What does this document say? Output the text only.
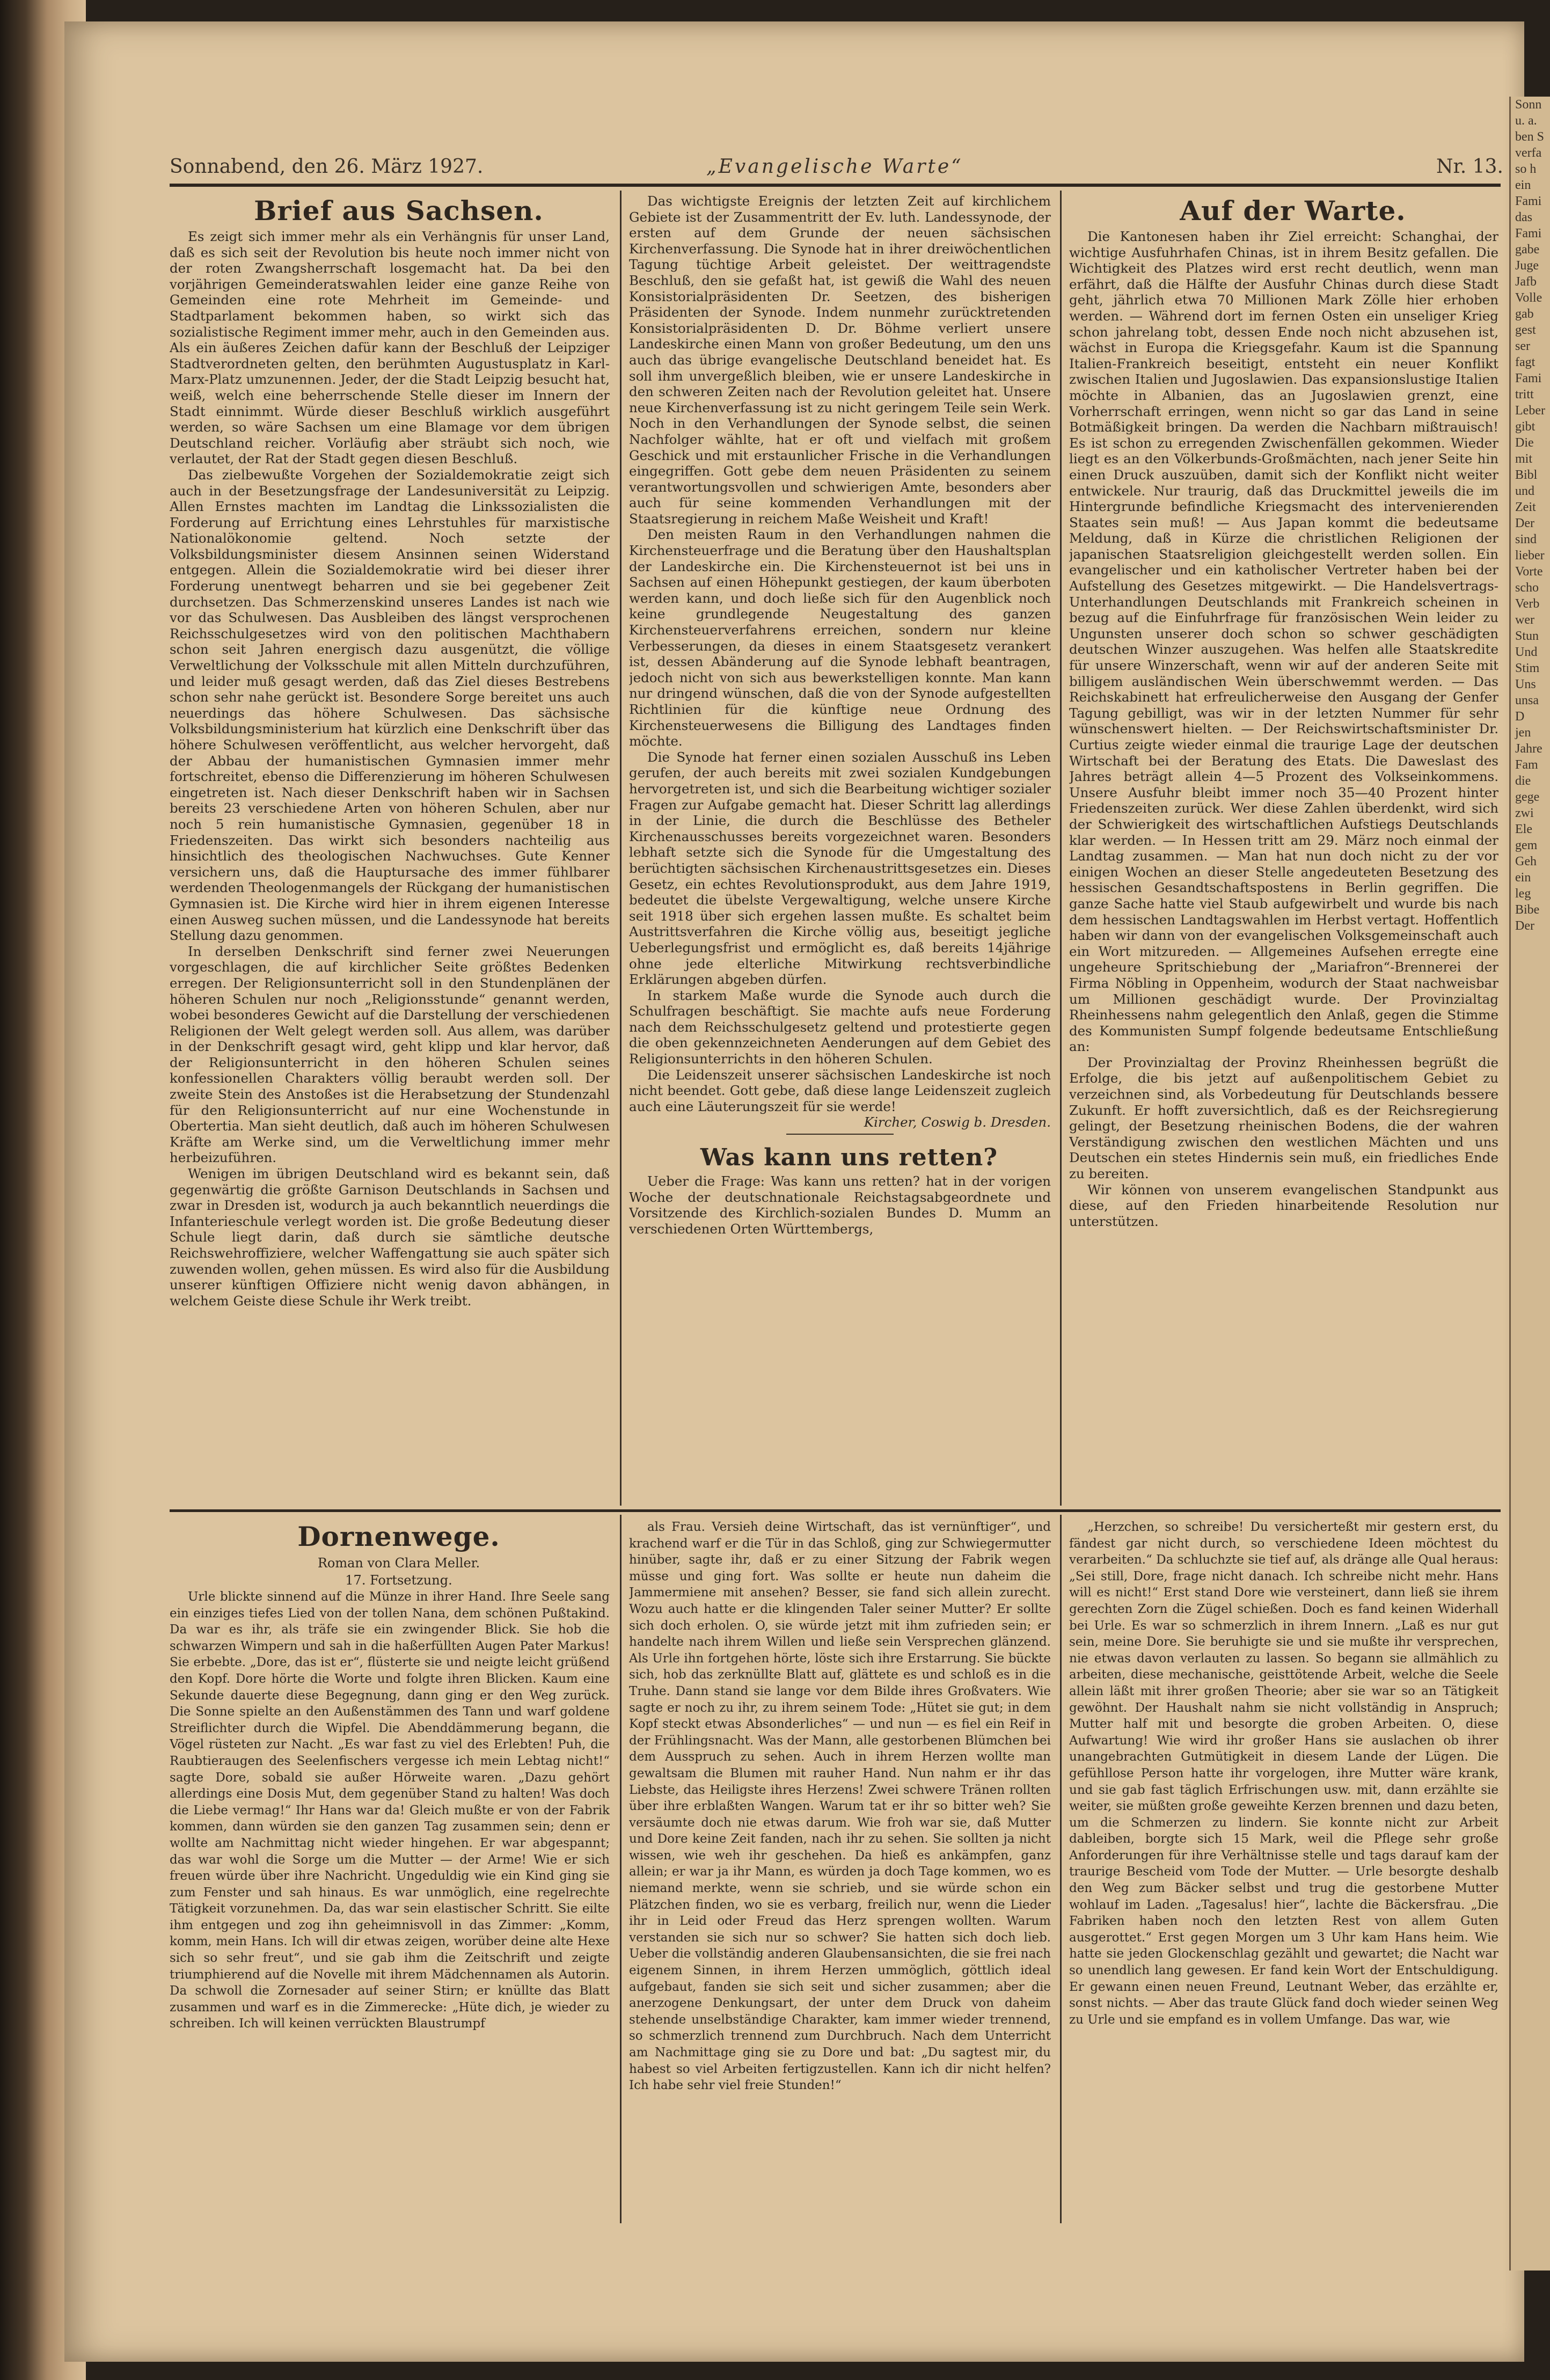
Sonn
u. a.
ben S
verfa
so h
ein
Fami
das
Fami
gabe
Juge
Jafb
Volle
gab
gest
ser
fagt
Fami
tritt
Leber
gibt
Die
mit
Bibl
und
Zeit
Der
sind
lieber
Vorte
scho
Verb
wer
Stun
Und
Stim
Uns
unsa
D
jen
Jahre
Fam
die
gege
zwi
Ele
gem
Geh
ein
leg
Bibe
Der
Sonnabend, den 26. März 1927.	„Evangelische Warte“	Nr. 13.

Brief aus Sachsen.

Es zeigt sich immer mehr als ein Verhängnis für unser Land, daß es sich seit der Revolution bis heute noch immer nicht von der roten Zwangsherrschaft losgemacht hat. Da bei den vorjährigen Gemeinderatswahlen leider eine ganze Reihe von Gemeinden eine rote Mehrheit im Gemeinde- und Stadtparlament bekommen haben, so wirkt sich das sozialistische Regiment immer mehr, auch in den Gemeinden aus. Als ein äußeres Zeichen dafür kann der Beschluß der Leipziger Stadtverordneten gelten, den berühmten Augustusplatz in Karl-Marx-Platz umzunennen. Jeder, der die Stadt Leipzig besucht hat, weiß, welch eine beherrschende Stelle dieser im Innern der Stadt einnimmt. Würde dieser Beschluß wirklich ausgeführt werden, so wäre Sachsen um eine Blamage vor dem übrigen Deutschland reicher. Vorläufig aber sträubt sich noch, wie verlautet, der Rat der Stadt gegen diesen Beschluß.

Das zielbewußte Vorgehen der Sozialdemokratie zeigt sich auch in der Besetzungsfrage der Landesuniversität zu Leipzig. Allen Ernstes machten im Landtag die Linkssozialisten die Forderung auf Errichtung eines Lehrstuhles für marxistische Nationalökonomie geltend. Noch setzte der Volksbildungsminister diesem Ansinnen seinen Widerstand entgegen. Allein die Sozialdemokratie wird bei dieser ihrer Forderung unentwegt beharren und sie bei gegebener Zeit durchsetzen. Das Schmerzenskind unseres Landes ist nach wie vor das Schulwesen. Das Ausbleiben des längst versprochenen Reichsschulgesetzes wird von den politischen Machthabern schon seit Jahren energisch dazu ausgenützt, die völlige Verweltlichung der Volksschule mit allen Mitteln durchzuführen, und leider muß gesagt werden, daß das Ziel dieses Bestrebens schon sehr nahe gerückt ist. Besondere Sorge bereitet uns auch neuerdings das höhere Schulwesen. Das sächsische Volksbildungsministerium hat kürzlich eine Denkschrift über das höhere Schulwesen veröffentlicht, aus welcher hervorgeht, daß der Abbau der humanistischen Gymnasien immer mehr fortschreitet, ebenso die Differenzierung im höheren Schulwesen eingetreten ist. Nach dieser Denkschrift haben wir in Sachsen bereits 23 verschiedene Arten von höheren Schulen, aber nur noch 5 rein humanistische Gymnasien, gegenüber 18 in Friedenszeiten. Das wirkt sich besonders nachteilig aus hinsichtlich des theologischen Nachwuchses. Gute Kenner versichern uns, daß die Hauptursache des immer fühlbarer werdenden Theologenmangels der Rückgang der humanistischen Gymnasien ist. Die Kirche wird hier in ihrem eigenen Interesse einen Ausweg suchen müssen, und die Landessynode hat bereits Stellung dazu genommen.

In derselben Denkschrift sind ferner zwei Neuerungen vorgeschlagen, die auf kirchlicher Seite größtes Bedenken erregen. Der Religionsunterricht soll in den Stundenplänen der höheren Schulen nur noch „Religionsstunde“ genannt werden, wobei besonderes Gewicht auf die Darstellung der verschiedenen Religionen der Welt gelegt werden soll. Aus allem, was darüber in der Denkschrift gesagt wird, geht klipp und klar hervor, daß der Religionsunterricht in den höheren Schulen seines konfessionellen Charakters völlig beraubt werden soll. Der zweite Stein des Anstoßes ist die Herabsetzung der Stundenzahl für den Religionsunterricht auf nur eine Wochenstunde in Obertertia. Man sieht deutlich, daß auch im höheren Schulwesen Kräfte am Werke sind, um die Verweltlichung immer mehr herbeizuführen.

Wenigen im übrigen Deutschland wird es bekannt sein, daß gegenwärtig die größte Garnison Deutschlands in Sachsen und zwar in Dresden ist, wodurch ja auch bekanntlich neuerdings die Infanterieschule verlegt worden ist. Die große Bedeutung dieser Schule liegt darin, daß durch sie sämtliche deutsche Reichswehroffiziere, welcher Waffengattung sie auch später sich zuwenden wollen, gehen müssen. Es wird also für die Ausbildung unserer künftigen Offiziere nicht wenig davon abhängen, in welchem Geiste diese Schule ihr Werk treibt.

Das wichtigste Ereignis der letzten Zeit auf kirchlichem Gebiete ist der Zusammentritt der Ev. luth. Landessynode, der ersten auf dem Grunde der neuen sächsischen Kirchenverfassung. Die Synode hat in ihrer dreiwöchentlichen Tagung tüchtige Arbeit geleistet. Der weittragendste Beschluß, den sie gefaßt hat, ist gewiß die Wahl des neuen Konsistorialpräsidenten Dr. Seetzen, des bisherigen Präsidenten der Synode. Indem nunmehr zurücktretenden Konsistorialpräsidenten D. Dr. Böhme verliert unsere Landeskirche einen Mann von großer Bedeutung, um den uns auch das übrige evangelische Deutschland beneidet hat. Es soll ihm unvergeßlich bleiben, wie er unsere Landeskirche in den schweren Zeiten nach der Revolution geleitet hat. Unsere neue Kirchenverfassung ist zu nicht geringem Teile sein Werk. Noch in den Verhandlungen der Synode selbst, die seinen Nachfolger wählte, hat er oft und vielfach mit großem Geschick und mit erstaunlicher Frische in die Verhandlungen eingegriffen. Gott gebe dem neuen Präsidenten zu seinem verantwortungsvollen und schwierigen Amte, besonders aber auch für seine kommenden Verhandlungen mit der Staatsregierung in reichem Maße Weisheit und Kraft!

Den meisten Raum in den Verhandlungen nahmen die Kirchensteuerfrage und die Beratung über den Haushaltsplan der Landeskirche ein. Die Kirchensteuernot ist bei uns in Sachsen auf einen Höhepunkt gestiegen, der kaum überboten werden kann, und doch ließe sich für den Augenblick noch keine grundlegende Neugestaltung des ganzen Kirchensteuerverfahrens erreichen, sondern nur kleine Verbesserungen, da dieses in einem Staatsgesetz verankert ist, dessen Abänderung auf die Synode lebhaft beantragen, jedoch nicht von sich aus bewerkstelligen konnte. Man kann nur dringend wünschen, daß die von der Synode aufgestellten Richtlinien für die künftige neue Ordnung des Kirchensteuerwesens die Billigung des Landtages finden möchte.

Die Synode hat ferner einen sozialen Ausschuß ins Leben gerufen, der auch bereits mit zwei sozialen Kundgebungen hervorgetreten ist, und sich die Bearbeitung wichtiger sozialer Fragen zur Aufgabe gemacht hat. Dieser Schritt lag allerdings in der Linie, die durch die Beschlüsse des Betheler Kirchenausschusses bereits vorgezeichnet waren. Besonders lebhaft setzte sich die Synode für die Umgestaltung des berüchtigten sächsischen Kirchenaustrittsgesetzes ein. Dieses Gesetz, ein echtes Revolutionsprodukt, aus dem Jahre 1919, bedeutet die übelste Vergewaltigung, welche unsere Kirche seit 1918 über sich ergehen lassen mußte. Es schaltet beim Austrittsverfahren die Kirche völlig aus, beseitigt jegliche Ueberlegungsfrist und ermöglicht es, daß bereits 14jährige ohne jede elterliche Mitwirkung rechtsverbindliche Erklärungen abgeben dürfen.

In starkem Maße wurde die Synode auch durch die Schulfragen beschäftigt. Sie machte aufs neue Forderung nach dem Reichsschulgesetz geltend und protestierte gegen die oben gekennzeichneten Aenderungen auf dem Gebiet des Religionsunterrichts in den höheren Schulen.

Die Leidenszeit unserer sächsischen Landeskirche ist noch nicht beendet. Gott gebe, daß diese lange Leidenszeit zugleich auch eine Läuterungszeit für sie werde!

Kircher, Coswig b. Dresden.

Was kann uns retten?

Ueber die Frage: Was kann uns retten? hat in der vorigen Woche der deutschnationale Reichstagsabgeordnete und Vorsitzende des Kirchlich-sozialen Bundes D. Mumm an verschiedenen Orten Württembergs,

Auf der Warte.

Die Kantonesen haben ihr Ziel erreicht: Schanghai, der wichtige Ausfuhrhafen Chinas, ist in ihrem Besitz gefallen. Die Wichtigkeit des Platzes wird erst recht deutlich, wenn man erfährt, daß die Hälfte der Ausfuhr Chinas durch diese Stadt geht, jährlich etwa 70 Millionen Mark Zölle hier erhoben werden. — Während dort im fernen Osten ein unseliger Krieg schon jahrelang tobt, dessen Ende noch nicht abzusehen ist, wächst in Europa die Kriegsgefahr. Kaum ist die Spannung Italien-Frankreich beseitigt, entsteht ein neuer Konflikt zwischen Italien und Jugoslawien. Das expansionslustige Italien möchte in Albanien, das an Jugoslawien grenzt, eine Vorherrschaft erringen, wenn nicht so gar das Land in seine Botmäßigkeit bringen. Da werden die Nachbarn mißtrauisch! Es ist schon zu erregenden Zwischenfällen gekommen. Wieder liegt es an den Völkerbunds-Großmächten, nach jener Seite hin einen Druck auszuüben, damit sich der Konflikt nicht weiter entwickele. Nur traurig, daß das Druckmittel jeweils die im Hintergrunde befindliche Kriegsmacht des intervenierenden Staates sein muß! — Aus Japan kommt die bedeutsame Meldung, daß in Kürze die christlichen Religionen der japanischen Staatsreligion gleichgestellt werden sollen. Ein evangelischer und ein katholischer Vertreter haben bei der Aufstellung des Gesetzes mitgewirkt. — Die Handelsvertrags-Unterhandlungen Deutschlands mit Frankreich scheinen in bezug auf die Einfuhrfrage für französischen Wein leider zu Ungunsten unserer doch schon so schwer geschädigten deutschen Winzer auszugehen. Was helfen alle Staatskredite für unsere Winzerschaft, wenn wir auf der anderen Seite mit billigem ausländischen Wein überschwemmt werden. — Das Reichskabinett hat erfreulicherweise den Ausgang der Genfer Tagung gebilligt, was wir in der letzten Nummer für sehr wünschenswert hielten. — Der Reichswirtschaftsminister Dr. Curtius zeigte wieder einmal die traurige Lage der deutschen Wirtschaft bei der Beratung des Etats. Die Daweslast des Jahres beträgt allein 4—5 Prozent des Volkseinkommens. Unsere Ausfuhr bleibt immer noch 35—40 Prozent hinter Friedenszeiten zurück. Wer diese Zahlen überdenkt, wird sich der Schwierigkeit des wirtschaftlichen Aufstiegs Deutschlands klar werden. — In Hessen tritt am 29. März noch einmal der Landtag zusammen. — Man hat nun doch nicht zu der vor einigen Wochen an dieser Stelle angedeuteten Besetzung des hessischen Gesandtschaftspostens in Berlin gegriffen. Die ganze Sache hatte viel Staub aufgewirbelt und wurde bis nach dem hessischen Landtagswahlen im Herbst vertagt. Hoffentlich haben wir dann von der evangelischen Volksgemeinschaft auch ein Wort mitzureden. — Allgemeines Aufsehen erregte eine ungeheure Spritschiebung der „Mariafron“-Brennerei der Firma Nöbling in Oppenheim, wodurch der Staat nachweisbar um Millionen geschädigt wurde. Der Provinzialtag Rheinhessens nahm gelegentlich den Anlaß, gegen die Stimme des Kommunisten Sumpf folgende bedeutsame Entschließung an:

Der Provinzialtag der Provinz Rheinhessen begrüßt die Erfolge, die bis jetzt auf außenpolitischem Gebiet zu verzeichnen sind, als Vorbedeutung für Deutschlands bessere Zukunft. Er hofft zuversichtlich, daß es der Reichsregierung gelingt, der Besetzung rheinischen Bodens, die der wahren Verständigung zwischen den westlichen Mächten und uns Deutschen ein stetes Hindernis sein muß, ein friedliches Ende zu bereiten.

Wir können von unserem evangelischen Standpunkt aus diese, auf den Frieden hinarbeitende Resolution nur unterstützen.

Dornenwege.

Roman von Clara Meller.

17. Fortsetzung.

Urle blickte sinnend auf die Münze in ihrer Hand. Ihre Seele sang ein einziges tiefes Lied von der tollen Nana, dem schönen Pußtakind. Da war es ihr, als träfe sie ein zwingender Blick. Sie hob die schwarzen Wimpern und sah in die haßerfüllten Augen Pater Markus! Sie erbebte. „Dore, das ist er“, flüsterte sie und neigte leicht grüßend den Kopf. Dore hörte die Worte und folgte ihren Blicken. Kaum eine Sekunde dauerte diese Begegnung, dann ging er den Weg zurück. Die Sonne spielte an den Außenstämmen des Tann und warf goldene Streiflichter durch die Wipfel. Die Abenddämmerung begann, die Vögel rüsteten zur Nacht. „Es war fast zu viel des Erlebten! Puh, die Raubtieraugen des Seelenfischers vergesse ich mein Lebtag nicht!“ sagte Dore, sobald sie außer Hörweite waren. „Dazu gehört allerdings eine Dosis Mut, dem gegenüber Stand zu halten! Was doch die Liebe vermag!“ Ihr Hans war da! Gleich mußte er von der Fabrik kommen, dann würden sie den ganzen Tag zusammen sein; denn er wollte am Nachmittag nicht wieder hingehen. Er war abgespannt; das war wohl die Sorge um die Mutter — der Arme! Wie er sich freuen würde über ihre Nachricht. Ungeduldig wie ein Kind ging sie zum Fenster und sah hinaus. Es war unmöglich, eine regelrechte Tätigkeit vorzunehmen. Da, das war sein elastischer Schritt. Sie eilte ihm entgegen und zog ihn geheimnisvoll in das Zimmer: „Komm, komm, mein Hans. Ich will dir etwas zeigen, worüber deine alte Hexe sich so sehr freut“, und sie gab ihm die Zeitschrift und zeigte triumphierend auf die Novelle mit ihrem Mädchennamen als Autorin. Da schwoll die Zornesader auf seiner Stirn; er knüllte das Blatt zusammen und warf es in die Zimmerecke: „Hüte dich, je wieder zu schreiben. Ich will keinen verrückten Blaustrumpf

als Frau. Versieh deine Wirtschaft, das ist vernünftiger“, und krachend warf er die Tür in das Schloß, ging zur Schwiegermutter hinüber, sagte ihr, daß er zu einer Sitzung der Fabrik wegen müsse und ging fort. Was sollte er heute nun daheim die Jammermiene mit ansehen? Besser, sie fand sich allein zurecht. Wozu auch hatte er die klingenden Taler seiner Mutter? Er sollte sich doch erholen. O, sie würde jetzt mit ihm zufrieden sein; er handelte nach ihrem Willen und ließe sein Versprechen glänzend. Als Urle ihn fortgehen hörte, löste sich ihre Erstarrung. Sie bückte sich, hob das zerknüllte Blatt auf, glättete es und schloß es in die Truhe. Dann stand sie lange vor dem Bilde ihres Großvaters. Wie sagte er noch zu ihr, zu ihrem seinem Tode: „Hütet sie gut; in dem Kopf steckt etwas Absonderliches“ — und nun — es fiel ein Reif in der Frühlingsnacht. Was der Mann, alle gestorbenen Blümchen bei dem Ausspruch zu sehen. Auch in ihrem Herzen wollte man gewaltsam die Blumen mit rauher Hand. Nun nahm er ihr das Liebste, das Heiligste ihres Herzens! Zwei schwere Tränen rollten über ihre erblaßten Wangen. Warum tat er ihr so bitter weh? Sie versäumte doch nie etwas darum. Wie froh war sie, daß Mutter und Dore keine Zeit fanden, nach ihr zu sehen. Sie sollten ja nicht wissen, wie weh ihr geschehen. Da hieß es ankämpfen, ganz allein; er war ja ihr Mann, es würden ja doch Tage kommen, wo es niemand merkte, wenn sie schrieb, und sie würde schon ein Plätzchen finden, wo sie es verbarg, freilich nur, wenn die Lieder ihr in Leid oder Freud das Herz sprengen wollten. Warum verstanden sie sich nur so schwer? Sie hatten sich doch lieb. Ueber die vollständig anderen Glaubensansichten, die sie frei nach eigenem Sinnen, in ihrem Herzen ummöglich, göttlich ideal aufgebaut, fanden sie sich seit und sicher zusammen; aber die anerzogene Denkungsart, der unter dem Druck von daheim stehende unselbständige Charakter, kam immer wieder trennend, so schmerzlich trennend zum Durchbruch. Nach dem Unterricht am Nachmittage ging sie zu Dore und bat: „Du sagtest mir, du habest so viel Arbeiten fertigzustellen. Kann ich dir nicht helfen? Ich habe sehr viel freie Stunden!“

„Herzchen, so schreibe! Du versicherteßt mir gestern erst, du fändest gar nicht durch, so verschiedene Ideen möchtest du verarbeiten.“ Da schluchzte sie tief auf, als dränge alle Qual heraus: „Sei still, Dore, frage nicht danach. Ich schreibe nicht mehr. Hans will es nicht!“ Erst stand Dore wie versteinert, dann ließ sie ihrem gerechten Zorn die Zügel schießen. Doch es fand keinen Widerhall bei Urle. Es war so schmerzlich in ihrem Innern. „Laß es nur gut sein, meine Dore. Sie beruhigte sie und sie mußte ihr versprechen, nie etwas davon verlauten zu lassen. So begann sie allmählich zu arbeiten, diese mechanische, geisttötende Arbeit, welche die Seele allein läßt mit ihrer großen Theorie; aber sie war so an Tätigkeit gewöhnt. Der Haushalt nahm sie nicht vollständig in Anspruch; Mutter half mit und besorgte die groben Arbeiten. O, diese Aufwartung! Wie wird ihr großer Hans sie auslachen ob ihrer unangebrachten Gutmütigkeit in diesem Lande der Lügen. Die gefühllose Person hatte ihr vorgelogen, ihre Mutter wäre krank, und sie gab fast täglich Erfrischungen usw. mit, dann erzählte sie weiter, sie müßten große geweihte Kerzen brennen und dazu beten, um die Schmerzen zu lindern. Sie konnte nicht zur Arbeit dableiben, borgte sich 15 Mark, weil die Pflege sehr große Anforderungen für ihre Verhältnisse stelle und tags darauf kam der traurige Bescheid vom Tode der Mutter. — Urle besorgte deshalb den Weg zum Bäcker selbst und trug die gestorbene Mutter wohlauf im Laden. „Tagesalus! hier“, lachte die Bäckersfrau. „Die Fabriken haben noch den letzten Rest von allem Guten ausgerottet.“ Erst gegen Morgen um 3 Uhr kam Hans heim. Wie hatte sie jeden Glockenschlag gezählt und gewartet; die Nacht war so unendlich lang gewesen. Er fand kein Wort der Entschuldigung. Er gewann einen neuen Freund, Leutnant Weber, das erzählte er, sonst nichts. — Aber das traute Glück fand doch wieder seinen Weg zu Urle und sie empfand es in vollem Umfange. Das war, wie
